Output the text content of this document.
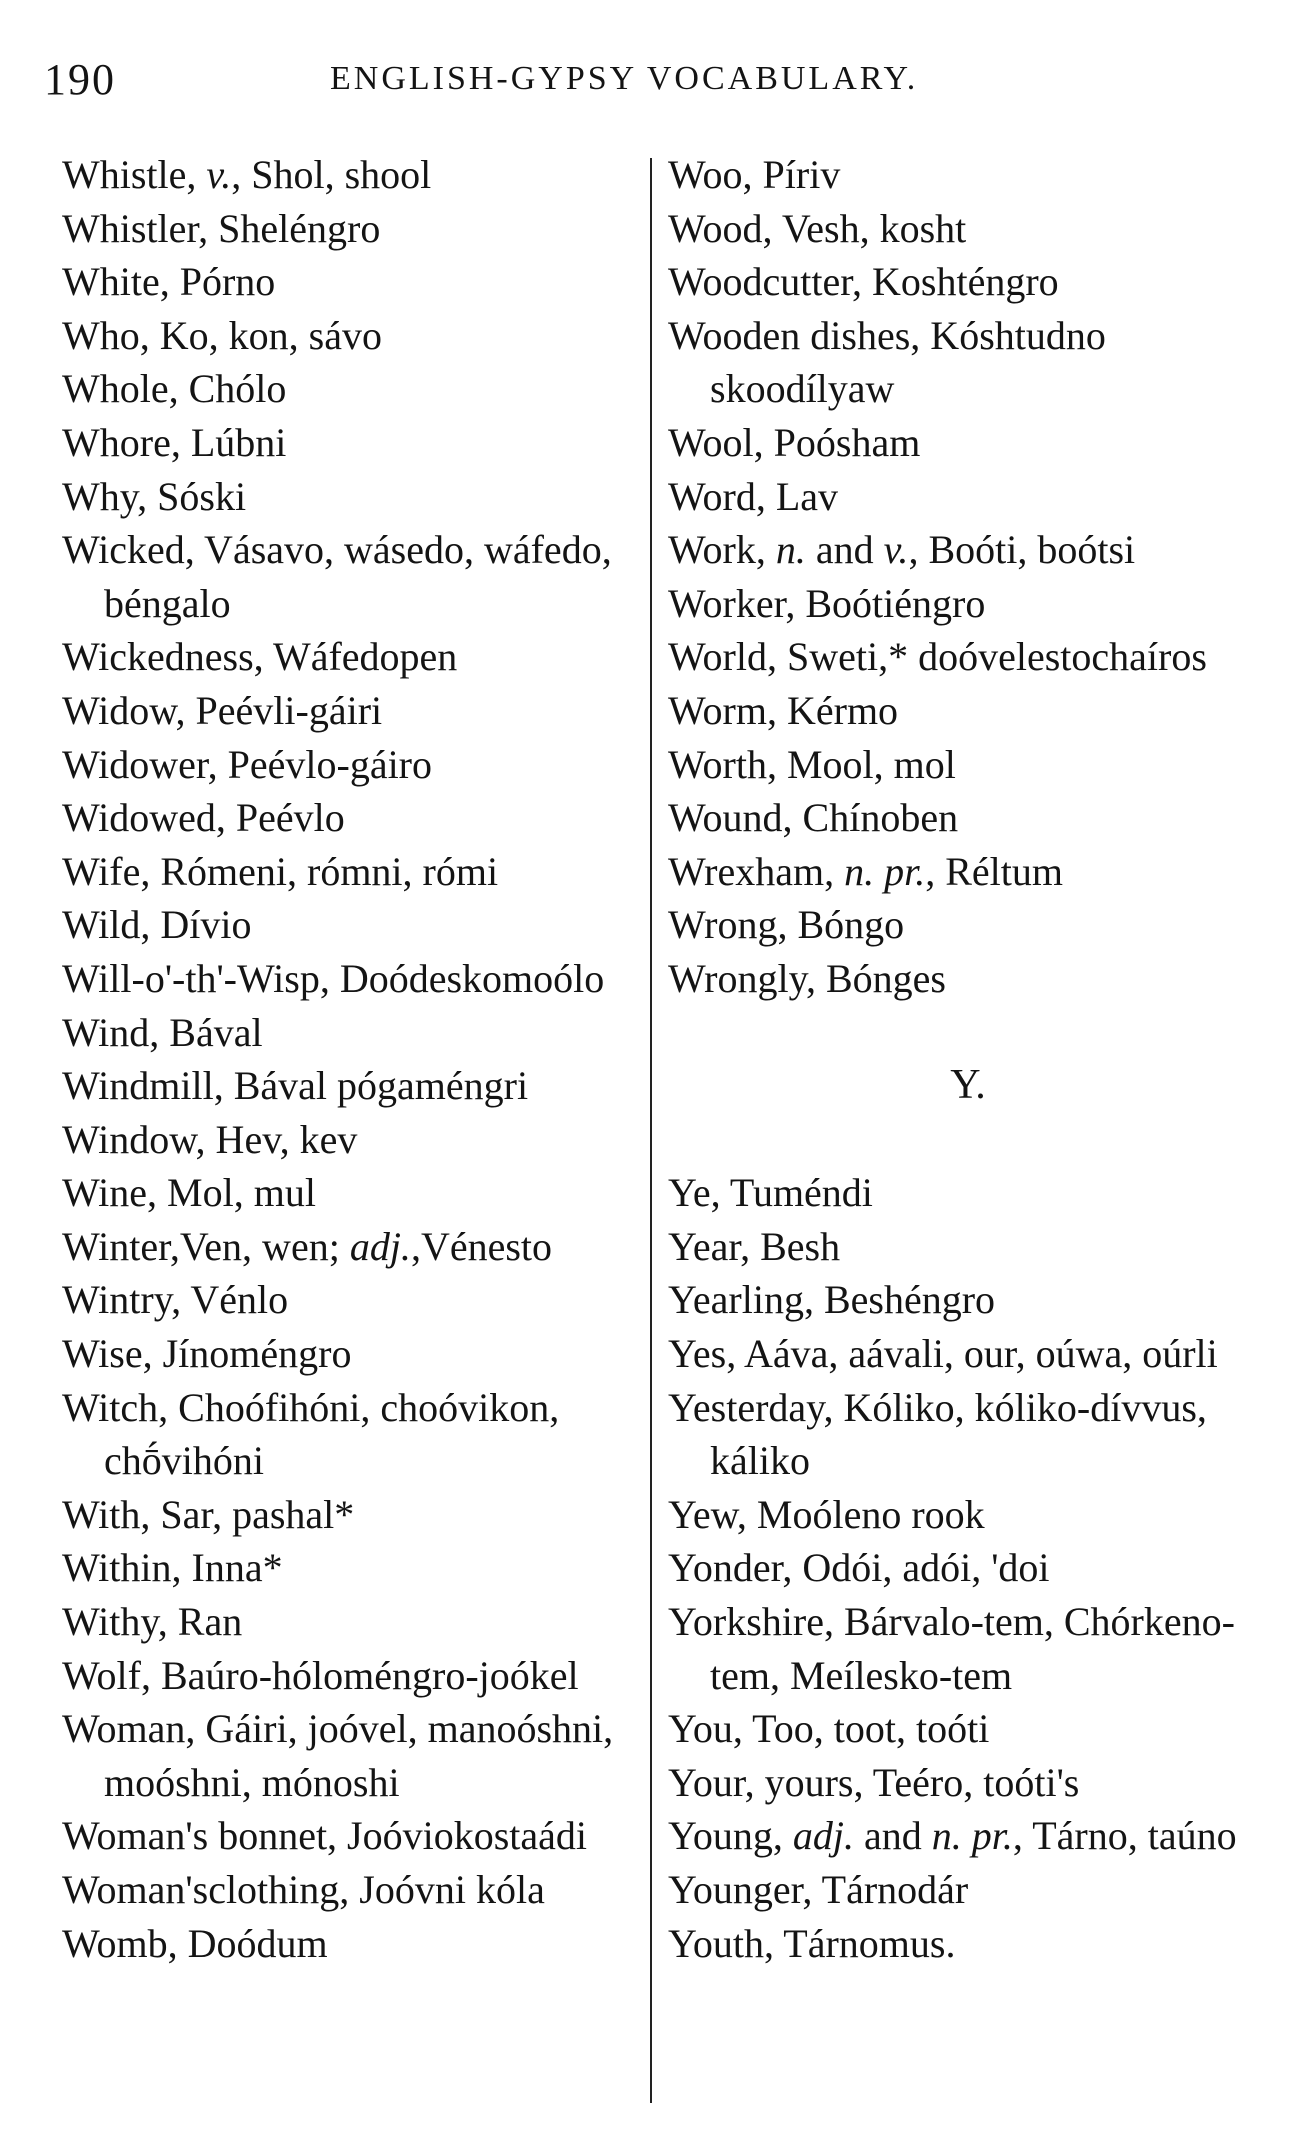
190	ENGLISH-GYPSY VOCABULARY.
Whistle, v., Shol, shool
Whistler, Sheléngro
White, Pórno
Who, Ko, kon, sávo
Whole, Chólo
Whore, Lúbni
Why, Sóski
Wicked, Vásavo, wásedo, wáfedo, béngalo
Wickedness, Wáfedopen
Widow, Peévli-gáiri
Widower, Peévlo-gáiro
Widowed, Peévlo
Wife, Rómeni, rómni, rómi
Wild, Dívio
Will-o'-th'-Wisp, Doódeskomoólo
Wind, Bával
Windmill, Bával pógaméngri
Window, Hev, kev
Wine, Mol, mul
Winter,Ven, wen; adj.,Vénesto
Wintry, Vénlo
Wise, Jínoméngro
Witch, Choófihóni, choóvikon, chṓvihóni
With, Sar, pashal*
Within, Inna*
Withy, Ran
Wolf, Baúro-hóloméngro-joókel
Woman, Gáiri, joóvel, manoóshni, moóshni, mónoshi
Woman's bonnet, Joóviokostaádi
Woman'sclothing, Joóvni kóla
Womb, Doódum
Woo, Píriv
Wood, Vesh, kosht
Woodcutter, Koshténgro
Wooden dishes, Kóshtudno skoodílyaw
Wool, Poósham
Word, Lav
Work, n. and v., Boóti, boótsi
Worker, Boótiéngro
World, Sweti,* doóvelestochaíros
Worm, Kérmo
Worth, Mool, mol
Wound, Chínoben
Wrexham, n. pr., Réltum
Wrong, Bóngo
Wrongly, Bónges
Y.
Ye, Tuméndi
Year, Besh
Yearling, Beshéngro
Yes, Aáva, aávali, our, oúwa, oúrli
Yesterday, Kóliko, kóliko-dívvus, káliko
Yew, Moóleno rook
Yonder, Odói, adói, 'doi
Yorkshire, Bárvalo-tem, Chórkeno-tem, Meílesko-tem
You, Too, toot, toóti
Your, yours, Teéro, toóti's
Young, adj. and n. pr., Tárno, taúno
Younger, Tárnodár
Youth, Tárnomus.
